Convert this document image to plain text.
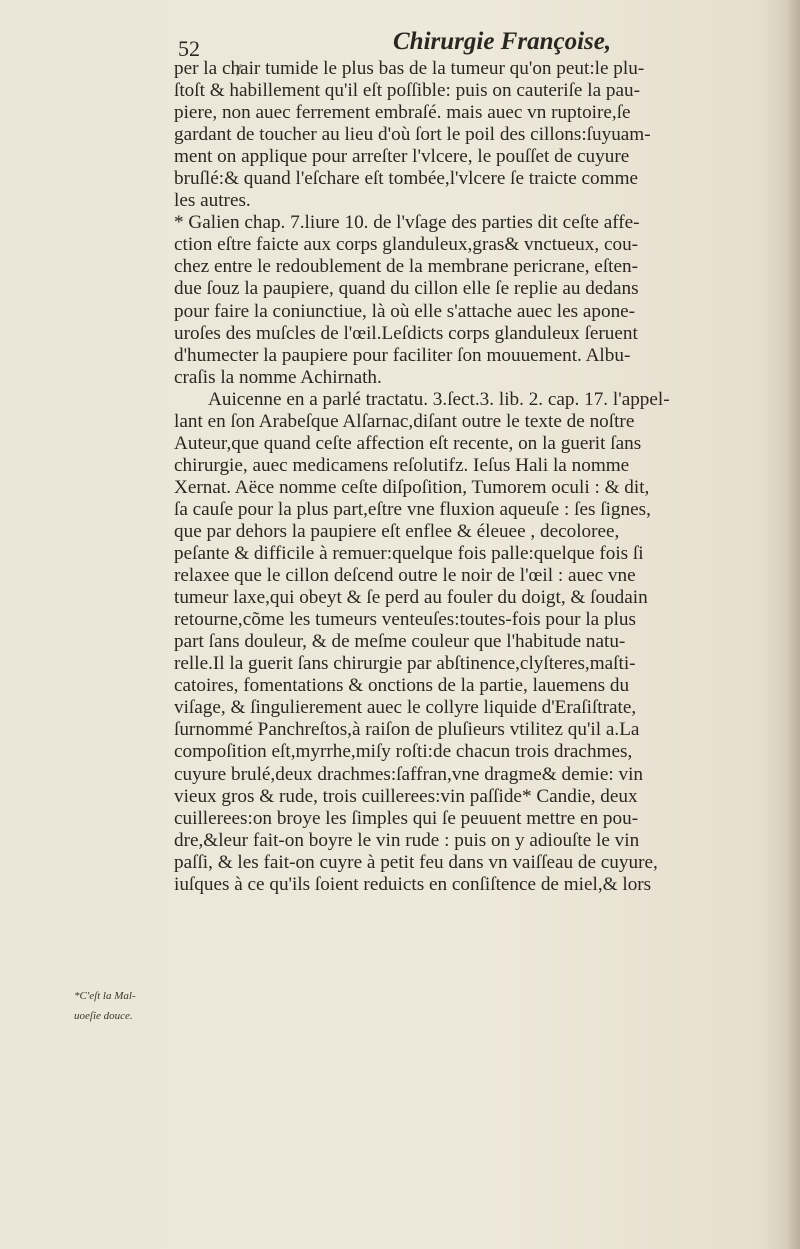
52	Chirurgie Françoise,
per la chair tumide le plus bas de la tumeur qu'on peut:le plu-
ſtoſt & habillement qu'il eſt poſſible: puis on cauteriſe la pau-
piere, non auec ferrement embraſé. mais auec vn ruptoire,ſe
gardant de toucher au lieu d'où ſort le poil des cillons:ſuyuam-
ment on applique pour arreſter l'vlcere, le pouſſet de cuyure
bruſlé:& quand l'eſchare eſt tombée,l'vlcere ſe traicte comme
les autres.
* Galien chap. 7.liure 10. de l'vſage des parties dit ceſte affe-
ction eſtre faicte aux corps glanduleux,gras& vnctueux, cou-
chez entre le redoublement de la membrane pericrane, eſten-
due ſouz la paupiere, quand du cillon elle ſe replie au dedans
pour faire la coniunctiue, là où elle s'attache auec les apone-
uroſes des muſcles de l'œil.Leſdicts corps glanduleux ſeruent
d'humecter la paupiere pour faciliter ſon mouuement. Albu-
craſis la nomme Achirnath.
Auicenne en a parlé tractatu. 3.ſect.3. lib. 2. cap. 17. l'appel-
lant en ſon Arabeſque Alſarnac,diſant outre le texte de noſtre
Auteur,que quand ceſte affection eſt recente, on la guerit ſans
chirurgie, auec medicamens reſolutifz. Ieſus Hali la nomme
Xernat. Aëce nomme ceſte diſpoſition, Tumorem oculi : & dit,
ſa cauſe pour la plus part,eſtre vne fluxion aqueuſe : ſes ſignes,
que par dehors la paupiere eſt enflee & éleuee , decoloree,
peſante & difficile à remuer:quelque fois palle:quelque fois ſi
relaxee que le cillon deſcend outre le noir de l'œil : auec vne
tumeur laxe,qui obeyt & ſe perd au fouler du doigt, & ſoudain
retourne,cõme les tumeurs venteuſes:toutes-fois pour la plus
part ſans douleur, & de meſme couleur que l'habitude natu-
relle.Il la guerit ſans chirurgie par abſtinence,clyſteres,maſti-
catoires, fomentations & onctions de la partie, lauemens du
viſage, & ſingulierement auec le collyre liquide d'Eraſiſtrate,
ſurnommé Panchreſtos,à raiſon de pluſieurs vtilitez qu'il a.La
compoſition eſt,myrrhe,miſy roſti:de chacun trois drachmes,
cuyure brulé,deux drachmes:ſaffran,vne dragme& demie: vin
vieux gros & rude, trois cuillerees:vin paſſide* Candie, deux
cuillerees:on broye les ſimples qui ſe peuuent mettre en pou-
dre,&leur fait-on boyre le vin rude : puis on y adiouſte le vin
paſſi, & les fait-on cuyre à petit feu dans vn vaiſſeau de cuyure,
iuſques à ce qu'ils ſoient reduicts en conſiſtence de miel,& lors
*C'eſt la Mal-
uoeſie douce.
